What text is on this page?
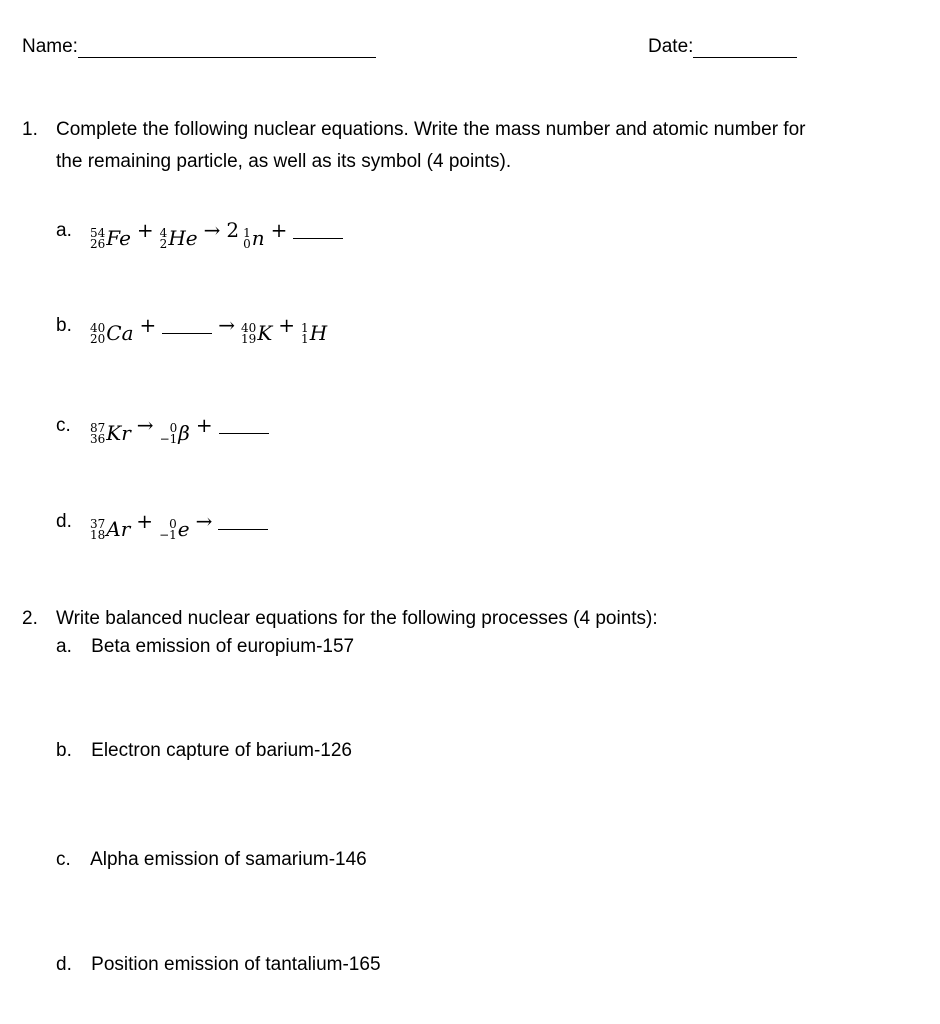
Name:	Date:
1. Complete the following nuclear equations. Write the mass number and atomic number for
the remaining particle, as well as its symbol (4 points).
a. 54
26 Fe + 4
2 He → 2 1
0 n +
b. 40
20 Ca +	→ 40
19 K + 1
1 H
c. 87
36 Kr →	0
−1 β +
d. 37
18 Ar +	0
−1 e →
2. Write balanced nuclear equations for the following processes (4 points):
a. Beta emission of europium-157
b. Electron capture of barium-126
c. Alpha emission of samarium-146
d. Position emission of tantalium-165
